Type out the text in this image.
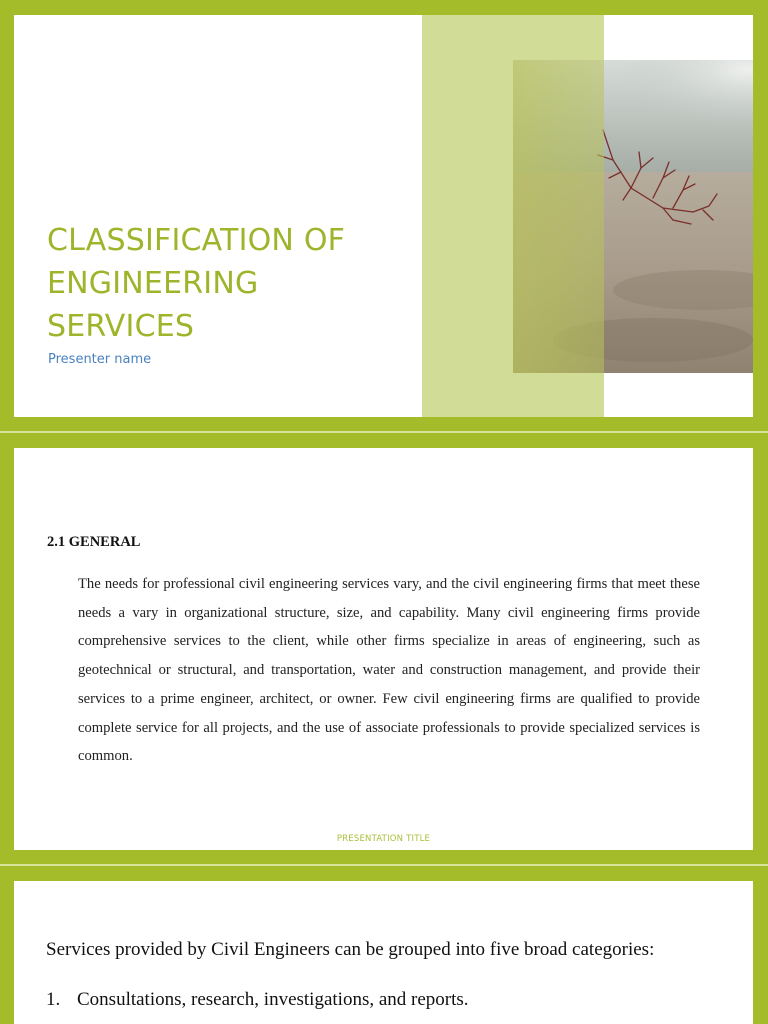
CLASSIFICATION OF ENGINEERING SERVICES
Presenter name
2.1 GENERAL
The needs for professional civil engineering services vary, and the civil engineering firms that meet these needs a vary in organizational structure, size, and capability. Many civil engineering firms provide comprehensive services to the client, while other firms specialize in areas of engineering, such as geotechnical or structural, and transportation, water and construction management, and provide their services to a prime engineer, architect, or owner. Few civil engineering firms are qualified to provide complete service for all projects, and the use of associate professionals to provide specialized services is common.
PRESENTATION TITLE
Services provided by Civil Engineers can be grouped into five broad categories:
1. Consultations, research, investigations, and reports.
